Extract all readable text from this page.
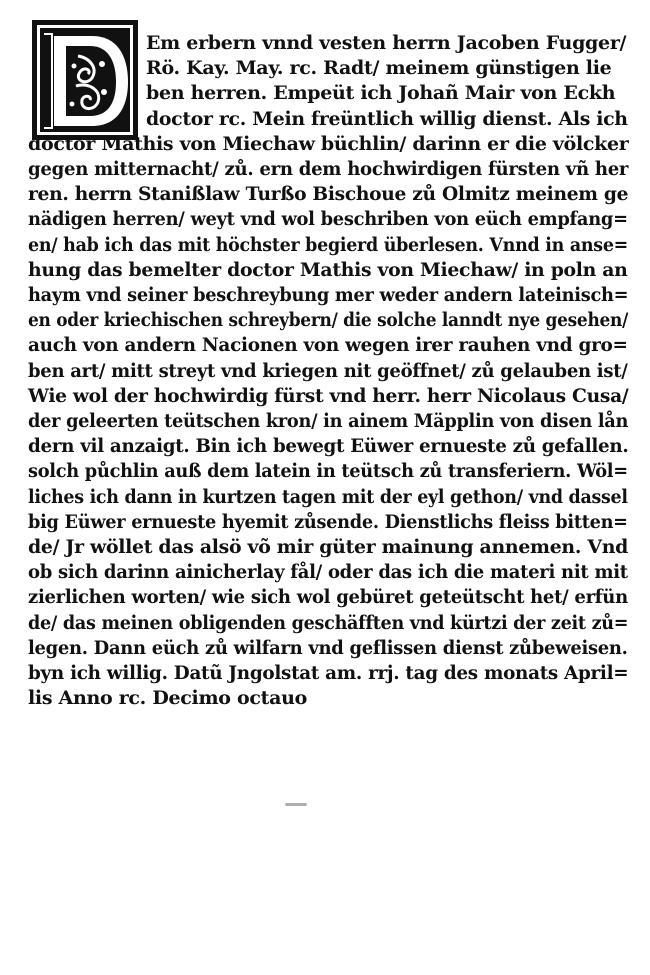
Em erbern vnnd vesten herrn Jacoben Fugger/
Rö. Kay. May. rc. Radt/ meinem günstigen lie
ben herren. Empeüt ich Johañ Mair von Eckh
doctor rc. Mein freüntlich willig dienst. Als ich
doctor Mathis von Miechaw büchlin/ darinn er die völcker
gegen mitternacht/ zů. ern dem hochwirdigen fürsten vñ her
ren. herrn Stanißlaw Turßo Bischoue zů Olmitz meinem ge
nädigen herren/ weyt vnd wol beschriben von eüch empfang=
en/ hab ich das mit höchster begierd überlesen. Vnnd in anse=
hung das bemelter doctor Mathis von Miechaw/ in poln an
haym vnd seiner beschreybung mer weder andern lateinisch=
en oder kriechischen schreybern/ die solche lanndt nye gesehen/
auch von andern Nacionen von wegen irer rauhen vnd gro=
ben art/ mitt streyt vnd kriegen nit geöffnet/ zů gelauben ist/
Wie wol der hochwirdig fürst vnd herr. herr Nicolaus Cusa/
der geleerten teütschen kron/ in ainem Mäpplin von disen lån
dern vil anzaigt. Bin ich bewegt Eüwer ernueste zů gefallen.
solch půchlin auß dem latein in teütsch zů transferiern. Wöl=
liches ich dann in kurtzen tagen mit der eyl gethon/ vnd dassel
big Eüwer ernueste hyemit zůsende. Dienstlichs fleiss bitten=
de/ Jr wöllet das alsö võ mir güter mainung annemen. Vnd
ob sich darinn ainicherlay fål/ oder das ich die materi nit mit
zierlichen worten/ wie sich wol gebüret geteütscht het/ erfün
de/ das meinen obligenden geschäfften vnd kürtzi der zeit zů=
legen. Dann eüch zů wilfarn vnd geflissen dienst zůbeweisen.
byn ich willig. Datũ Jngolstat am. rrj. tag des monats April=
lis Anno rc. Decimo octauo
